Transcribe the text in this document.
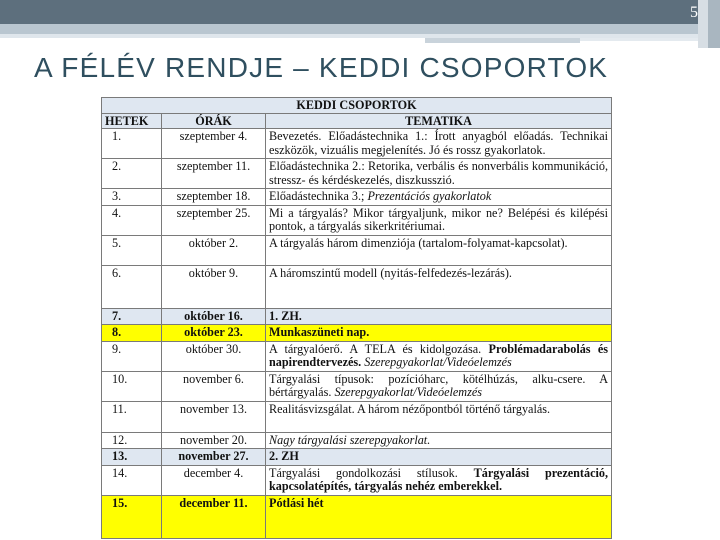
5
A FÉLÉV RENDJE – KEDDI CSOPORTOK
KEDDI CSOPORTOK		
HETEK	ÓRÁK	TEMATIKA
1.	szeptember 4.	Bevezetés. Előadástechnika 1.: Írott anyagból előadás. Technikai eszközök, vizuális megjelenítés. Jó és rossz gyakorlatok.
2.	szeptember 11.	Előadástechnika 2.: Retorika, verbális és nonverbális kommunikáció, stressz- és kérdéskezelés, diszkusszió.
3.	szeptember 18.	Előadástechnika 3.; Prezentációs gyakorlatok
4.	szeptember 25.	Mi a tárgyalás? Mikor tárgyaljunk, mikor ne? Belépési és kilépési pontok, a tárgyalás sikerkritériumai.
5.	október 2.	A tárgyalás három dimenziója (tartalom-folyamat-kapcsolat).
6.	október 9.	A háromszintű modell (nyitás-felfedezés-lezárás).
7.	október 16.	1. ZH.
8.	október 23.	Munkaszüneti nap.
9.	október 30.	A tárgyalóerő. A TELA és kidolgozása. Problémadarabolás és napirendtervezés. Szerepgyakorlat/Videóelemzés
10.	november 6.	Tárgyalási típusok: pozícióharc, kötélhúzás, alku-csere. A bértárgyalás. Szerepgyakorlat/Videóelemzés
11.	november 13.	Realitásvizsgálat. A három nézőpontból történő tárgyalás.
12.	november 20.	Nagy tárgyalási szerepgyakorlat.
13.	november 27.	2. ZH
14.	december 4.	Tárgyalási gondolkozási stílusok. Tárgyalási prezentáció, kapcsolatépítés, tárgyalás nehéz emberekkel.
15.	december 11.	Pótlási hét
